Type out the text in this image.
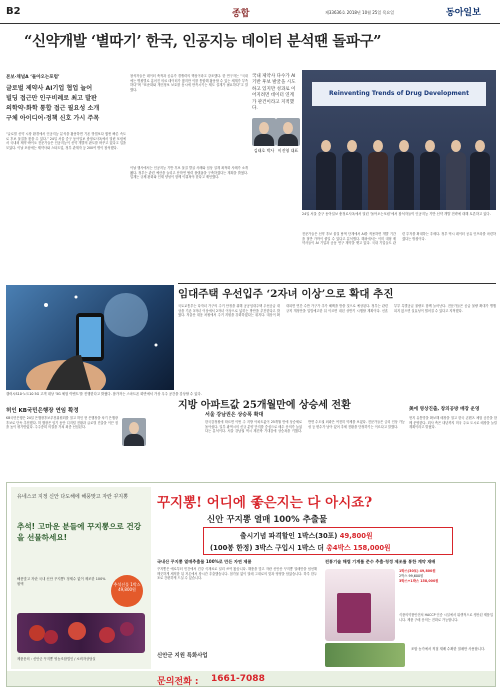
B2	종합	제33636호 2018년 10월 25일 목요일	동아일보
“신약개발 ‘별따기’ 한국, 인공지능 데이터 분석땐 돌파구”
본보·채널A ‘돌아오는포럼’
글로벌 제약사 AI기업 협업 늘어
빌딩 접근만 인구비례로 최고 발판
의학약·화학 통합 접근 필요성 소개
구체 아이디어·정책 신호 가시 주목
“글로벌 신약 시장 환경에서 인공지능 분석을 활용하면 기존 방법보다 훨씬 빠른 속도로 후보 물질을 찾을 수 있다.” 24일 서울 중구 동아일보 충정로사옥에서 열린 포럼에서 국내외 제약·바이오 전문가들은 인공지능이 신약 개발의 판도를 바꾸고 있다고 입을 모았다. 이날 포럼에는 제약사와 스타트업, 정부 관계자 등 200여 명이 참석했다.
참석자들은 데이터 축적과 공유가 경쟁력의 핵심이라고 강조했다. 한 연구자는 “국내에는 병원별로 흩어진 의료 데이터가 많지만 이를 통합해 활용할 수 있는 체계가 부족하다”며 “표준화와 개인정보 보호를 동시에 만족시키는 제도 설계가 필요하다”고 말했다.
이날 행사에서는 인공지능 기반 후보 물질 발굴 사례와 임상 설계 최적화 사례가 소개됐다. 정부는 관련 예산을 늘리고 산학연 협력 플랫폼을 구축하겠다는 계획을 밝혔다. 업계는 규제 완화와 인재 양성이 함께 이뤄져야 한다고 제언했다.
김태호 박사 이진영 대표
국내 제약사 다수가 AI 기반 후보 발굴을 시도하고 있지만 성과로 이어지려면 데이터 연계가 관건이라고 지적했다.
Reinventing Trends of Drug Development
24일 서울 중구 동아일보 충정로사옥에서 열린 ‘돌아오는포럼’에서 참석자들이 인공지능 기반 신약 개발 전략에 대해 토론하고 있다.
전문가들은 신약 후보 물질 탐색 단계에서 AI를 적용하면 개발 기간을 절반 가까이 줄일 수 있다고 분석했다. 해외에서는 이미 대형 제약사들이 AI 기업과 공동 연구 계약을 맺고 있다. 국내 기업들도 관련 투자를 확대하는 추세다. 정부 역시 데이터 공유 인프라를 마련하겠다는 방침이다.
갤럭시S10·노트10 5G 고객 대상 ‘5G 체험 이벤트’를 진행한다고 밝혔다. 참가자는 스마트폰 화면에서 가상 우주 공간을 감상할 수 있다.
임대주택 우선입주 ‘2자녀 이상’으로 확대 추진
국토교통부는 다자녀 가구의 주거 안정을 위해 공공임대주택 우선공급 대상을 기존 3자녀 이상에서 2자녀 이상으로 넓히는 방안을 추진한다고 밝혔다. 저출산 대응 차원에서 주거 지원을 강화하겠다는 취지다. 대상이 확대되면 연간 수만 가구가 추가 혜택을 받을 것으로 예상된다. 정부는 관련 규칙 개정안을 입법예고한 뒤 이르면 내년 상반기 시행할 계획이다. 신혼부부 특별공급 물량도 함께 늘어난다. 전문가들은 공급 물량 확대가 병행되지 않으면 실효성이 떨어질 수 있다고 지적했다.
허인 KB국민은행장 연임 확정
KB국민은행은 24일 은행장후보추천위원회를 열고 허인 현 은행장을 차기 은행장 후보로 단독 추천했다. 허 행장은 임기 동안 디지털 전환과 글로벌 진출을 이끈 점을 높이 평가받았다. 주주총회 의결을 거쳐 최종 선임된다.
지방 아파트값 25개월만에 상승세 전환
한국감정원에 따르면 이번 주 지방 아파트값이 25개월 만에 상승세로 돌아섰다. 일부 광역시의 신규 분양 단지를 중심으로 매수 문의가 늘었다는 분석이다. 서울 강남권 역시 재건축 기대감에 상승폭을 키웠다. 반면 수도권 외곽은 여전히 약세를 보였다. 전문가들은 금리 인상 가능성 등 변수가 남아 있어 추세 전환을 단정하기는 이르다고 말했다.
서울 강남권은 상승폭 확대
美에 영상진출, 창의공방 매장 운영
현지 유통망을 확보해 매장을 열고 한국 콘텐츠 체험 공간을 함께 운영한다. 회사 측은 내년까지 미국 주요 도시로 매장을 늘릴 계획이라고 밝혔다.
유네스코 지정 신안 다도해에 해풍맞고 자란 꾸지뽕
추석! 고마운 분들에 꾸지뽕으로 건강을 선물하세요!
해풍맞고 자란 국내 신안 꾸지뽕! 정제수 없이 제조한 100% 원액	추석선물 1박스 49,800원
제품문의 : 신안군 꾸지뽕 영농조합법인 / 소비자상담실
꾸지뽕! 어디에 좋은지는 다 아시죠?
신안 꾸지뽕 열매 100% 추출물
출시기념 파격할인 1박스(30포) 49,800원
(100봉 한정) 3박스 구입시 1박스 더 총4박스 158,000원
국내산 꾸지뽕 열매추출물 100%로 만든 자연 제품
꾸지뽕은 예로부터 민간에서 건강 식재료로 널리 쓰여 왔습니다. 해풍을 맞고 자란 신안산 꾸지뽕 열매만을 엄선해 깨끗하게 세척한 뒤 저온에서 장시간 추출했습니다. 첨가물 없이 열매 그대로의 맛과 영양을 담았습니다. 하루 한두 포로 간편하게 드실 수 있습니다.
전통기술 해썹 기계를 준수 추출·청정 제조를 통한 계약 재배
1박스(30포) 49,800원
2박스 99,600원
3박스+1박스 158,000원
식품의약품안전처 HACCP 인증 시설에서 위생적으로 생산된 제품입니다. 제품 구매 문의는 전화로 가능합니다.
신안군 지원 특화사업
조합 농가에서 직접 재배 수확한 열매만 사용합니다.
문의전화 : 1661-7088
